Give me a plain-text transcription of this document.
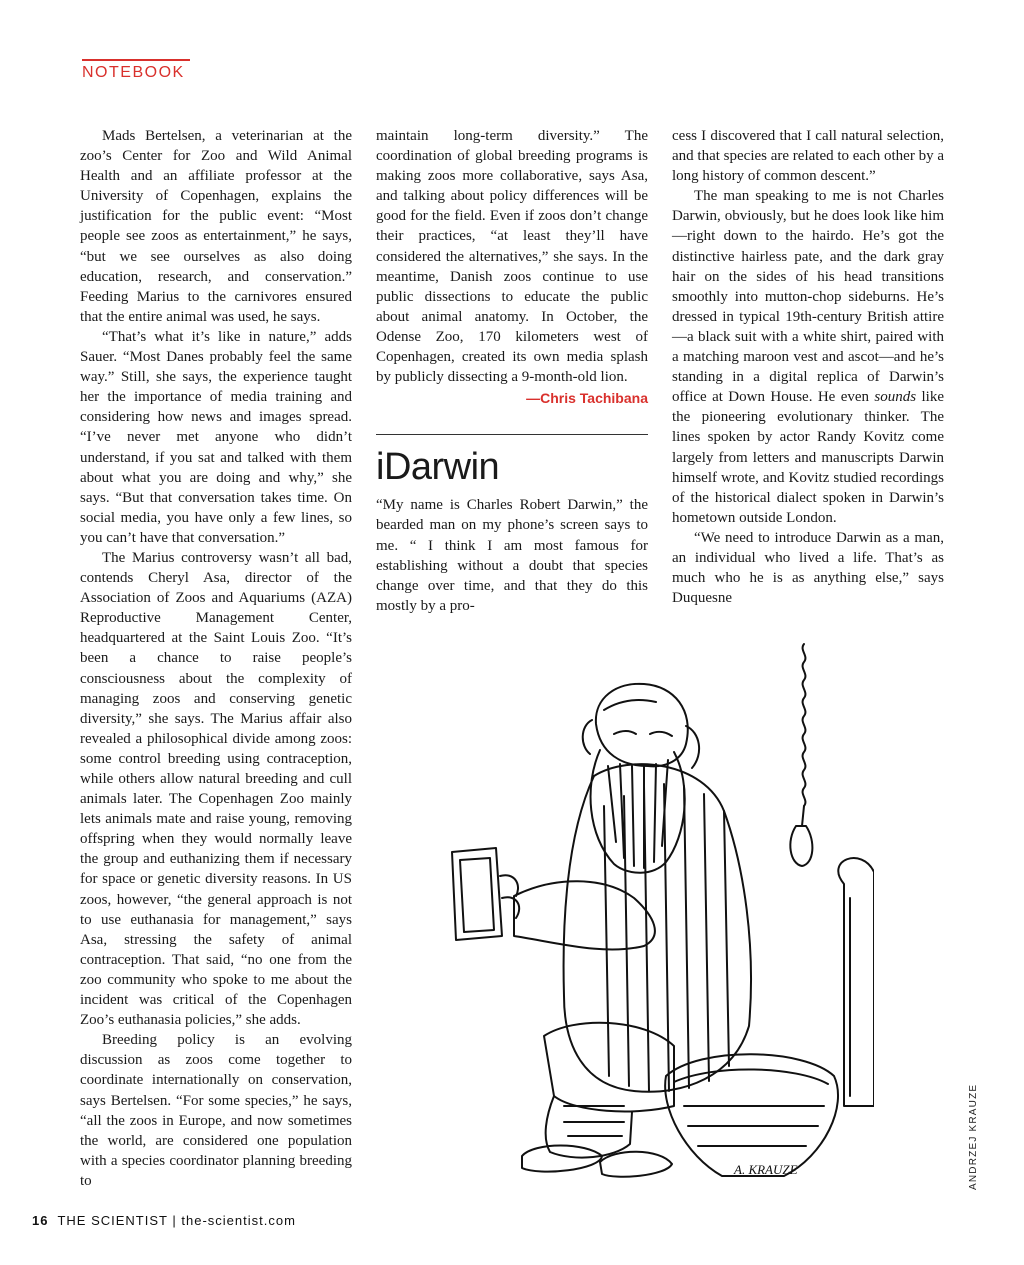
NOTEBOOK

Mads Bertelsen, a veterinarian at the zoo’s Center for Zoo and Wild Animal Health and an affiliate professor at the University of Copenhagen, explains the justification for the public event: “Most people see zoos as entertainment,” he says, “but we see ourselves as also doing education, research, and conservation.” Feeding Marius to the carnivores ensured that the entire animal was used, he says.

“That’s what it’s like in nature,” adds Sauer. “Most Danes probably feel the same way.” Still, she says, the experience taught her the importance of media training and considering how news and images spread. “I’ve never met anyone who didn’t understand, if you sat and talked with them about what you are doing and why,” she says. “But that conversation takes time. On social media, you have only a few lines, so you can’t have that conversation.”

The Marius controversy wasn’t all bad, contends Cheryl Asa, director of the Association of Zoos and Aquariums (AZA) Reproductive Management Center, headquartered at the Saint Louis Zoo. “It’s been a chance to raise people’s consciousness about the complexity of managing zoos and conserving genetic diversity,” she says. The Marius affair also revealed a philosophical divide among zoos: some control breeding using contraception, while others allow natural breeding and cull animals later. The Copenhagen Zoo mainly lets animals mate and raise young, removing offspring when they would normally leave the group and euthanizing them if necessary for space or genetic diversity reasons. In US zoos, however, “the general approach is not to use euthanasia for management,” says Asa, stressing the safety of animal contraception. That said, “no one from the zoo community who spoke to me about the incident was critical of the Copenhagen Zoo’s euthanasia policies,” she adds.

Breeding policy is an evolving discussion as zoos come together to coordinate internationally on conservation, says Bertelsen. “For some species,” he says, “all the zoos in Europe, and now sometimes the world, are considered one population with a species coordinator planning breeding to

maintain long-term diversity.” The coordination of global breeding programs is making zoos more collaborative, says Asa, and talking about policy differences will be good for the field. Even if zoos don’t change their practices, “at least they’ll have considered the alternatives,” she says. In the meantime, Danish zoos continue to use public dissections to educate the public about animal anatomy. In October, the Odense Zoo, 170 kilometers west of Copenhagen, created its own media splash by publicly dissecting a 9-month-old lion.

—Chris Tachibana
iDarwin

“My name is Charles Robert Darwin,” the bearded man on my phone’s screen says to me. “ I think I am most famous for establishing without a doubt that species change over time, and that they do this mostly by a pro-

cess I discovered that I call natural selection, and that species are related to each other by a long history of common descent.”

The man speaking to me is not Charles Darwin, obviously, but he does look like him—right down to the hairdo. He’s got the distinctive hairless pate, and the dark gray hair on the sides of his head transitions smoothly into mutton-chop sideburns. He’s dressed in typical 19th-century British attire—a black suit with a white shirt, paired with a matching maroon vest and ascot—and he’s standing in a digital replica of Darwin’s office at Down House. He even sounds like the pioneering evolutionary thinker. The lines spoken by actor Randy Kovitz come largely from letters and manuscripts Darwin himself wrote, and Kovitz studied recordings of the historical dialect spoken in Darwin’s hometown outside London.

“We need to introduce Darwin as a man, an individual who lived a life. That’s as much who he is as anything else,” says Duquesne

A. KRAUZE	ANDRZEJ KRAUZE
16 THE SCIENTIST | the-scientist.com
